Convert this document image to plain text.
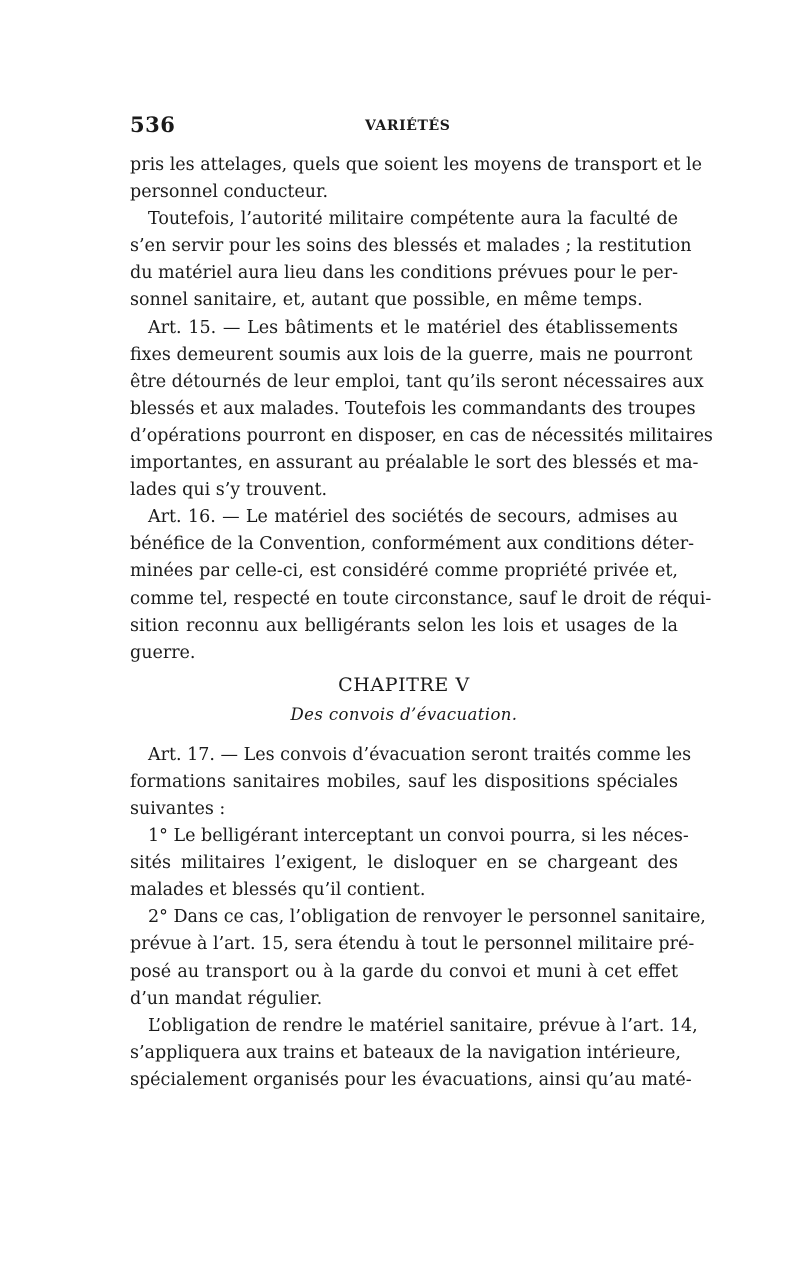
536	VARIÉTÉS
pris les attelages, quels que soient les moyens de transport et le
personnel conducteur.
Toutefois, l’autorité militaire compétente aura la faculté de
s’en servir pour les soins des blessés et malades ; la restitution
du matériel aura lieu dans les conditions prévues pour le per-
sonnel sanitaire, et, autant que possible, en même temps.
Art. 15. — Les bâtiments et le matériel des établissements
fixes demeurent soumis aux lois de la guerre, mais ne pourront
être détournés de leur emploi, tant qu’ils seront nécessaires aux
blessés et aux malades. Toutefois les commandants des troupes
d’opérations pourront en disposer, en cas de nécessités militaires
importantes, en assurant au préalable le sort des blessés et ma-
lades qui s’y trouvent.
Art. 16. — Le matériel des sociétés de secours, admises au
bénéfice de la Convention, conformément aux conditions déter-
minées par celle-ci, est considéré comme propriété privée et,
comme tel, respecté en toute circonstance, sauf le droit de réqui-
sition reconnu aux belligérants selon les lois et usages de la
guerre.
CHAPITRE V
Des convois d’évacuation.
Art. 17. — Les convois d’évacuation seront traités comme les
formations sanitaires mobiles, sauf les dispositions spéciales
suivantes :
1° Le belligérant interceptant un convoi pourra, si les néces-
sités militaires l’exigent, le disloquer en se chargeant des
malades et blessés qu’il contient.
2° Dans ce cas, l’obligation de renvoyer le personnel sanitaire,
prévue à l’art. 15, sera étendu à tout le personnel militaire pré-
posé au transport ou à la garde du convoi et muni à cet effet
d’un mandat régulier.
L’obligation de rendre le matériel sanitaire, prévue à l’art. 14,
s’appliquera aux trains et bateaux de la navigation intérieure,
spécialement organisés pour les évacuations, ainsi qu’au maté-
